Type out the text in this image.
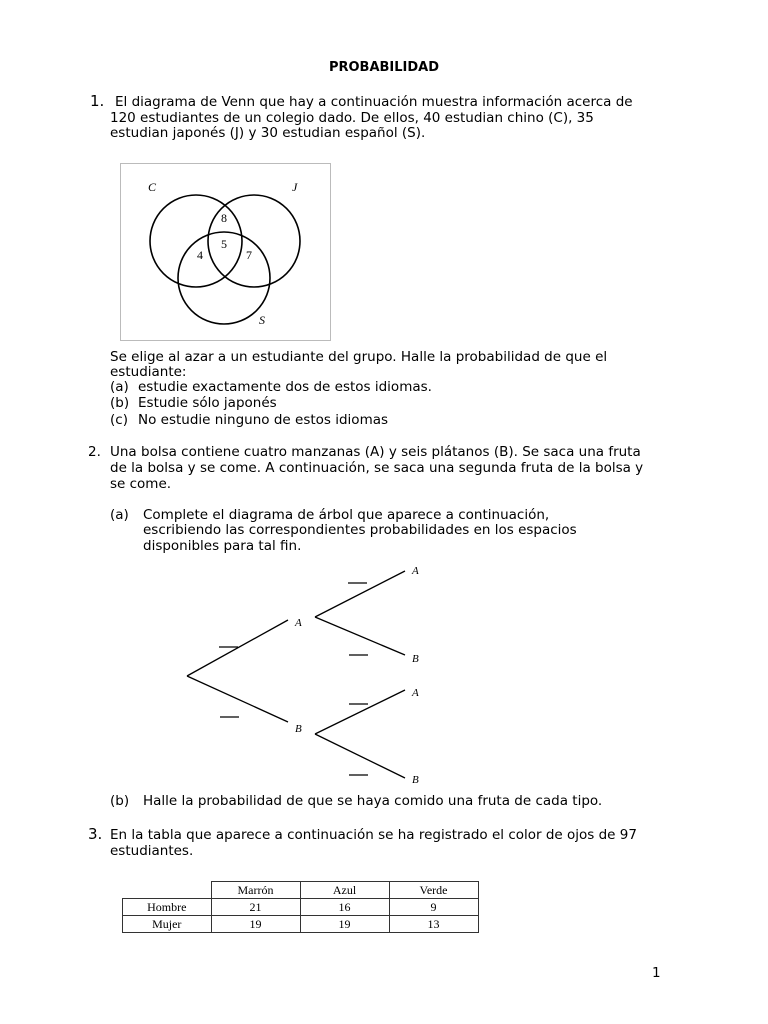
PROBABILIDAD
1. El diagrama de Venn que hay a continuación muestra información acerca de
120 estudiantes de un colegio dado. De ellos, 40 estudian chino (C), 35
estudian japonés (J) y 30 estudian español (S).
C	J
S
8
5
4	7
Se elige al azar a un estudiante del grupo. Halle la probabilidad de que el
estudiante:
(a) estudie exactamente dos de estos idiomas.
(b) Estudie sólo japonés
(c) No estudie ninguno de estos idiomas
2. Una bolsa contiene cuatro manzanas (A) y seis plátanos (B). Se saca una fruta
de la bolsa y se come. A continuación, se saca una segunda fruta de la bolsa y
se come.
(a) Complete el diagrama de árbol que aparece a continuación,
escribiendo las correspondientes probabilidades en los espacios
disponibles para tal fin.
A
B
A
B
A
B
(b) Halle la probabilidad de que se haya comido una fruta de cada tipo.
3. En la tabla que aparece a continuación se ha registrado el color de ojos de 97
estudiantes.
	Marrón	Azul	Verde
Hombre	21	16	9
Mujer	19	19	13
1
